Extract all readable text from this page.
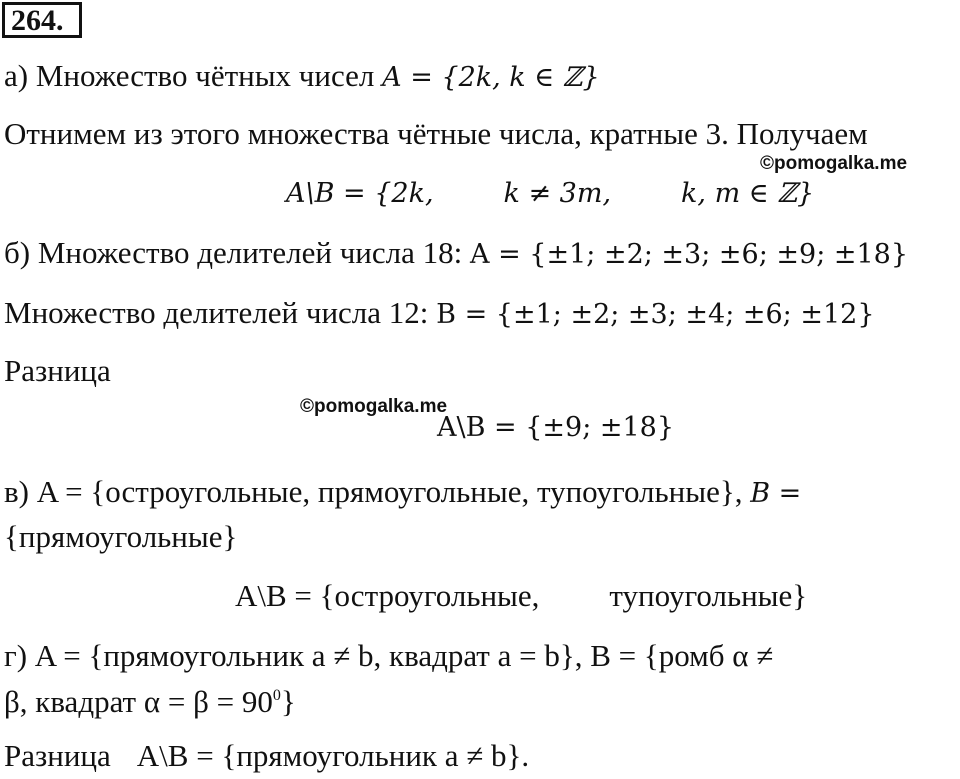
264.
а) Множество чётных чисел A = {2k, k ∈ ℤ}
Отнимем из этого множества чётные числа, кратные 3. Получаем
©pomogalka.me
A\B = {2k,	k ≠ 3m,	k, m ∈ ℤ}
б) Множество делителей числа 18: A = {±1; ±2; ±3; ±6; ±9; ±18}
Множество делителей числа 12: B = {±1; ±2; ±3; ±4; ±6; ±12}
Разница
©pomogalka.me
A\B = {±9; ±18}
в) A = {остроугольные, прямоугольные, тупоугольные}, B =
{прямоугольные}
A\B = {остроугольные, тупоугольные}
г) A = {прямоугольник a ≠ b, квадрат a = b}, B = {ромб α ≠
β, квадрат $\alpha = \beta = 90^0$}
Разница A\B = {прямоугольник a ≠ b}.
